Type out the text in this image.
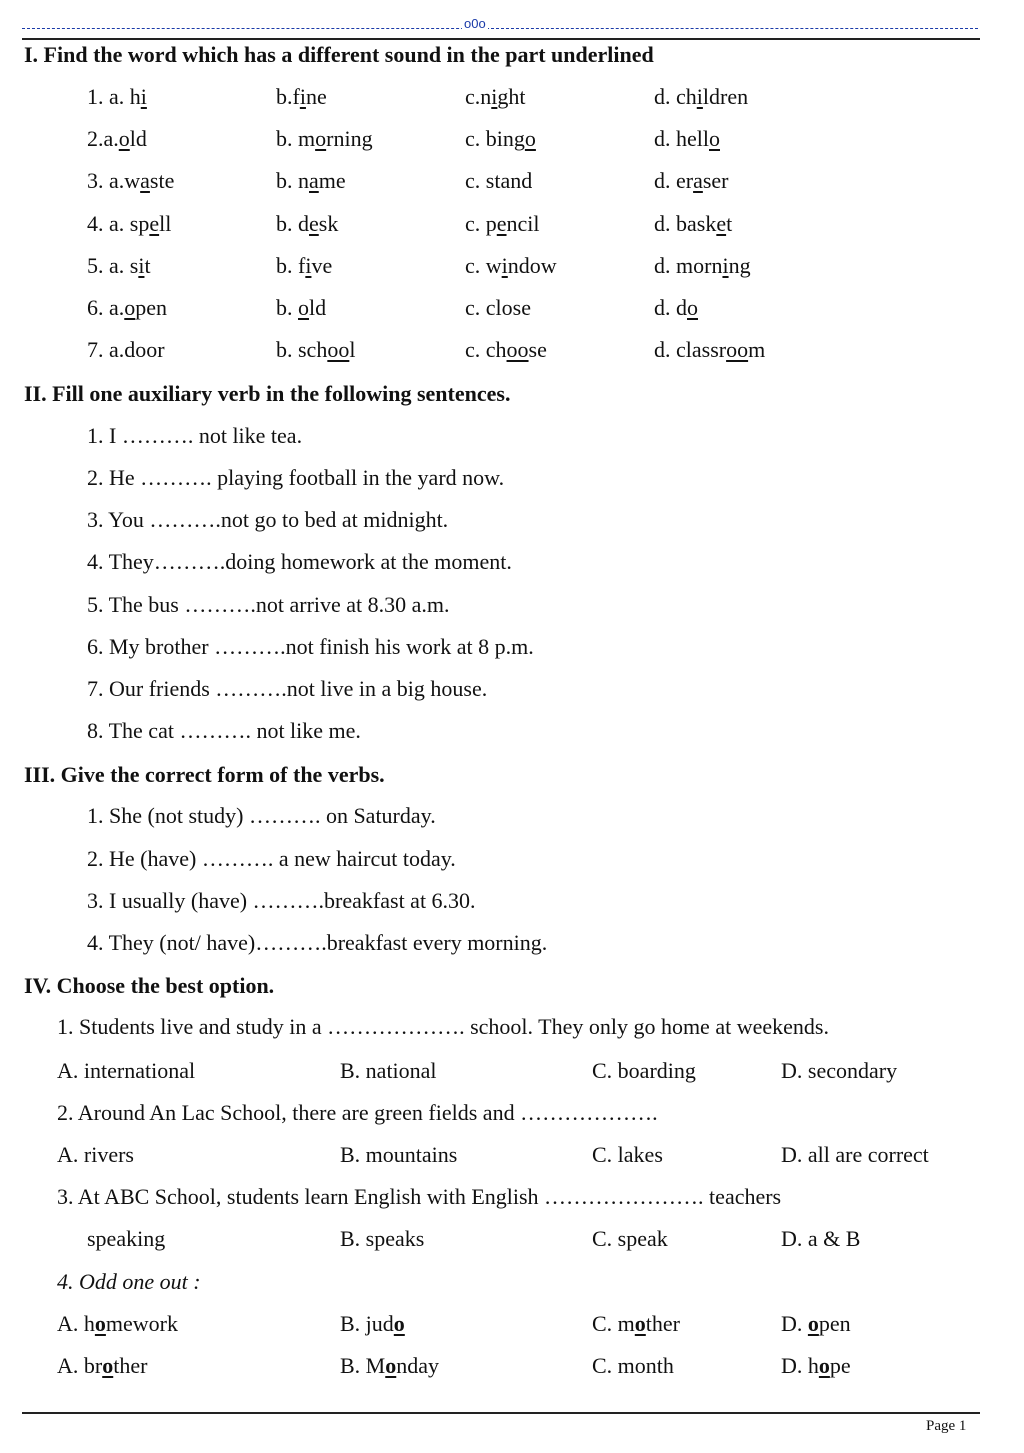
o0o
I. Find the word which has a different sound in the part underlined
1. a. hi	b.fine	c.night	d. children
2.a.old	b. morning	c. bingo	d. hello
3. a.waste	b. name	c. stand	d. eraser
4. a. spell	b. desk	c. pencil	d. basket
5. a. sit	b. five	c. window	d. morning
6. a.open	b. old	c. close	d. do
7. a.door	b. school	c. choose	d. classroom
II. Fill one auxiliary verb in the following sentences.
1. I ………. not like tea.
2. He ………. playing football in the yard now.
3. You ……….not go to bed at midnight.
4. They……….doing homework at the moment.
5. The bus ……….not arrive at 8.30 a.m.
6. My brother ……….not finish his work at 8 p.m.
7. Our friends ……….not live in a big house.
8. The cat ………. not like me.
III. Give the correct form of the verbs.
1. She (not study) ………. on Saturday.
2. He (have) ………. a new haircut today.
3. I usually (have) ……….breakfast at 6.30.
4. They (not/ have)……….breakfast every morning.
IV. Choose the best option.
1. Students live and study in a ………………. school. They only go home at weekends.
A. international	B. national	C. boarding	D. secondary
2. Around An Lac School, there are green fields and ……………….
A. rivers	B. mountains	C. lakes	D. all are correct
3. At ABC School, students learn English with English …………………. teachers
speaking	B. speaks	C. speak	D. a & B
4. Odd one out :
A. homework	B. judo	C. mother	D. open
A. brother	B. Monday	C. month	D. hope
Page 1
